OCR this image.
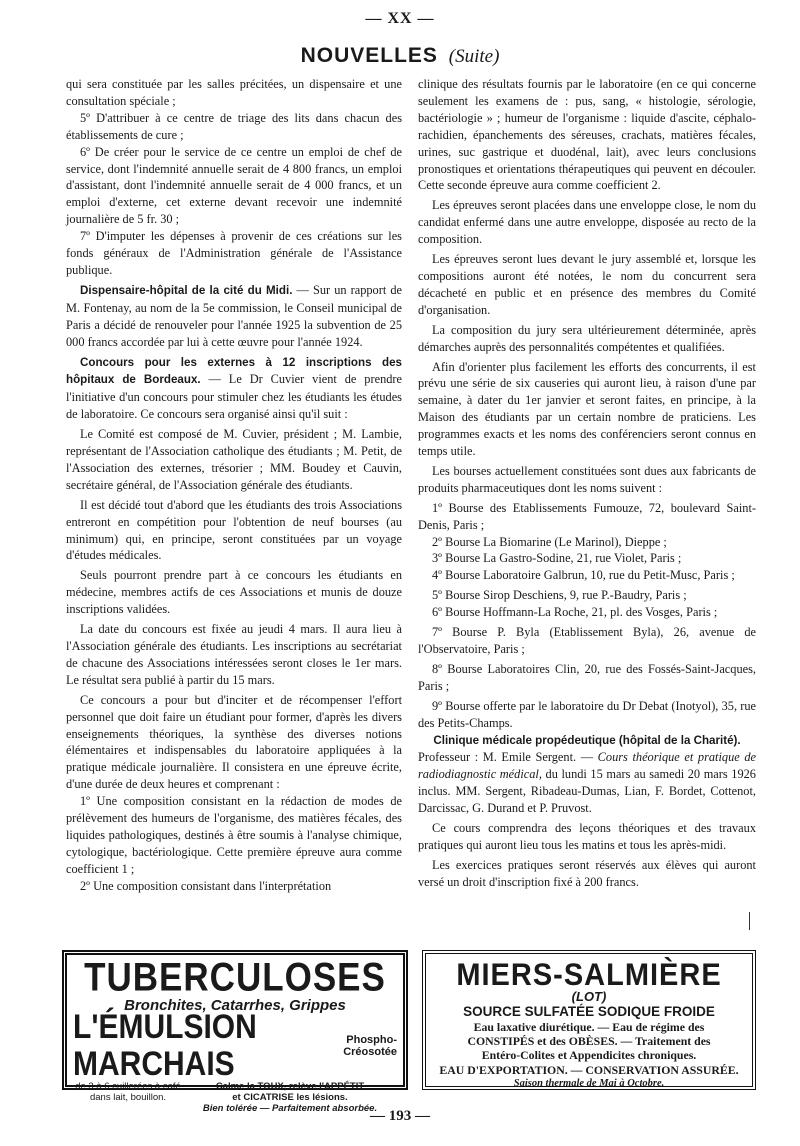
— XX —
NOUVELLES (Suite)

qui sera constituée par les salles précitées, un dispensaire et une consultation spéciale ;

5º D'attribuer à ce centre de triage des lits dans chacun des établissements de cure ;

6º De créer pour le service de ce centre un emploi de chef de service, dont l'indemnité annuelle serait de 4 800 francs, un emploi d'assistant, dont l'indemnité annuelle serait de 4 000 francs, et un emploi d'externe, cet externe devant recevoir une indemnité journalière de 5 fr. 30 ;

7º D'imputer les dépenses à provenir de ces créations sur les fonds généraux de l'Administration générale de l'Assistance publique.

Dispensaire-hôpital de la cité du Midi. — Sur un rapport de M. Fontenay, au nom de la 5e commission, le Conseil municipal de Paris a décidé de renouveler pour l'année 1925 la subvention de 25 000 francs accordée par lui à cette œuvre pour l'année 1924.

Concours pour les externes à 12 inscriptions des hôpitaux de Bordeaux. — Le Dr Cuvier vient de prendre l'initiative d'un concours pour stimuler chez les étudiants les études de laboratoire. Ce concours sera organisé ainsi qu'il suit :

Le Comité est composé de M. Cuvier, président ; M. Lambie, représentant de l'Association catholique des étudiants ; M. Petit, de l'Association des externes, trésorier ; MM. Boudey et Cauvin, secrétaire général, de l'Association générale des étudiants.

Il est décidé tout d'abord que les étudiants des trois Associations entreront en compétition pour l'obtention de neuf bourses (au minimum) qui, en principe, seront constituées par un voyage d'études médicales.

Seuls pourront prendre part à ce concours les étudiants en médecine, membres actifs de ces Associations et munis de douze inscriptions validées.

La date du concours est fixée au jeudi 4 mars. Il aura lieu à l'Association générale des étudiants. Les inscriptions au secrétariat de chacune des Associations intéressées seront closes le 1er mars. Le résultat sera publié à partir du 15 mars.

Ce concours a pour but d'inciter et de récompenser l'effort personnel que doit faire un étudiant pour former, d'après les divers enseignements théoriques, la synthèse des diverses notions élémentaires et indispensables du laboratoire appliquées à la pratique médicale journalière. Il consistera en une épreuve écrite, d'une durée de deux heures et comprenant :

1º Une composition consistant en la rédaction de modes de prélèvement des humeurs de l'organisme, des matières fécales, des liquides pathologiques, destinés à être soumis à l'analyse chimique, cytologique, bactériologique. Cette première épreuve aura comme coefficient 1 ;

2º Une composition consistant dans l'interprétation

clinique des résultats fournis par le laboratoire (en ce qui concerne seulement les examens de : pus, sang, « histologie, sérologie, bactériologie » ; humeur de l'organisme : liquide d'ascite, céphalo-rachidien, épanchements des séreuses, crachats, matières fécales, urines, suc gastrique et duodénal, lait), avec leurs conclusions pronostiques et orientations thérapeutiques qui peuvent en découler. Cette seconde épreuve aura comme coefficient 2.

Les épreuves seront placées dans une enveloppe close, le nom du candidat enfermé dans une autre enveloppe, disposée au recto de la composition.

Les épreuves seront lues devant le jury assemblé et, lorsque les compositions auront été notées, le nom du concurrent sera décacheté en public et en présence des membres du Comité d'organisation.

La composition du jury sera ultérieurement déterminée, après démarches auprès des personnalités compétentes et qualifiées.

Afin d'orienter plus facilement les efforts des concurrents, il est prévu une série de six causeries qui auront lieu, à raison d'une par semaine, à dater du 1er janvier et seront faites, en principe, à la Maison des étudiants par un certain nombre de praticiens. Les programmes exacts et les noms des conférenciers seront connus en temps utile.

Les bourses actuellement constituées sont dues aux fabricants de produits pharmaceutiques dont les noms suivent :

1º Bourse des Etablissements Fumouze, 72, boulevard Saint-Denis, Paris ;

2º Bourse La Biomarine (Le Marinol), Dieppe ;

3º Bourse La Gastro-Sodine, 21, rue Violet, Paris ;

4º Bourse Laboratoire Galbrun, 10, rue du Petit-Musc, Paris ;

5º Bourse Sirop Deschiens, 9, rue P.-Baudry, Paris ;

6º Bourse Hoffmann-La Roche, 21, pl. des Vosges, Paris ;

7º Bourse P. Byla (Etablissement Byla), 26, avenue de l'Observatoire, Paris ;

8º Bourse Laboratoires Clin, 20, rue des Fossés-Saint-Jacques, Paris ;

9º Bourse offerte par le laboratoire du Dr Debat (Inotyol), 35, rue des Petits-Champs.

Clinique médicale propédeutique (hôpital de la Charité).

Professeur : M. Emile Sergent. — Cours théorique et pratique de radiodiagnostic médical, du lundi 15 mars au samedi 20 mars 1926 inclus. MM. Sergent, Ribadeau-Dumas, Lian, F. Bordet, Cottenot, Darcissac, G. Durand et P. Pruvost.

Ce cours comprendra des leçons théoriques et des travaux pratiques qui auront lieu tous les matins et tous les après-midi.

Les exercices pratiques seront réservés aux élèves qui auront versé un droit d'inscription fixé à 200 francs.

TUBERCULOSES
Bronchites, Catarrhes, Grippes
L'ÉMULSION MARCHAIS
Phospho-
Créosotée
de 3 à 6 cuillerées à café
dans lait, bouillon.
Calme la TOUX, relève l'APPÉTIT
et CICATRISE les lésions.
Bien tolérée — Parfaitement absorbée.
MIERS-SALMIÈRE
(LOT)
SOURCE SULFATÉE SODIQUE FROIDE
Eau laxative diurétique. — Eau de régime des
CONSTIPÉS et des OBÈSES. — Traitement des
Entéro-Colites et Appendicites chroniques.
EAU D'EXPORTATION. — CONSERVATION ASSURÉE.
Saison thermale de Mai à Octobre.
— 193 —
